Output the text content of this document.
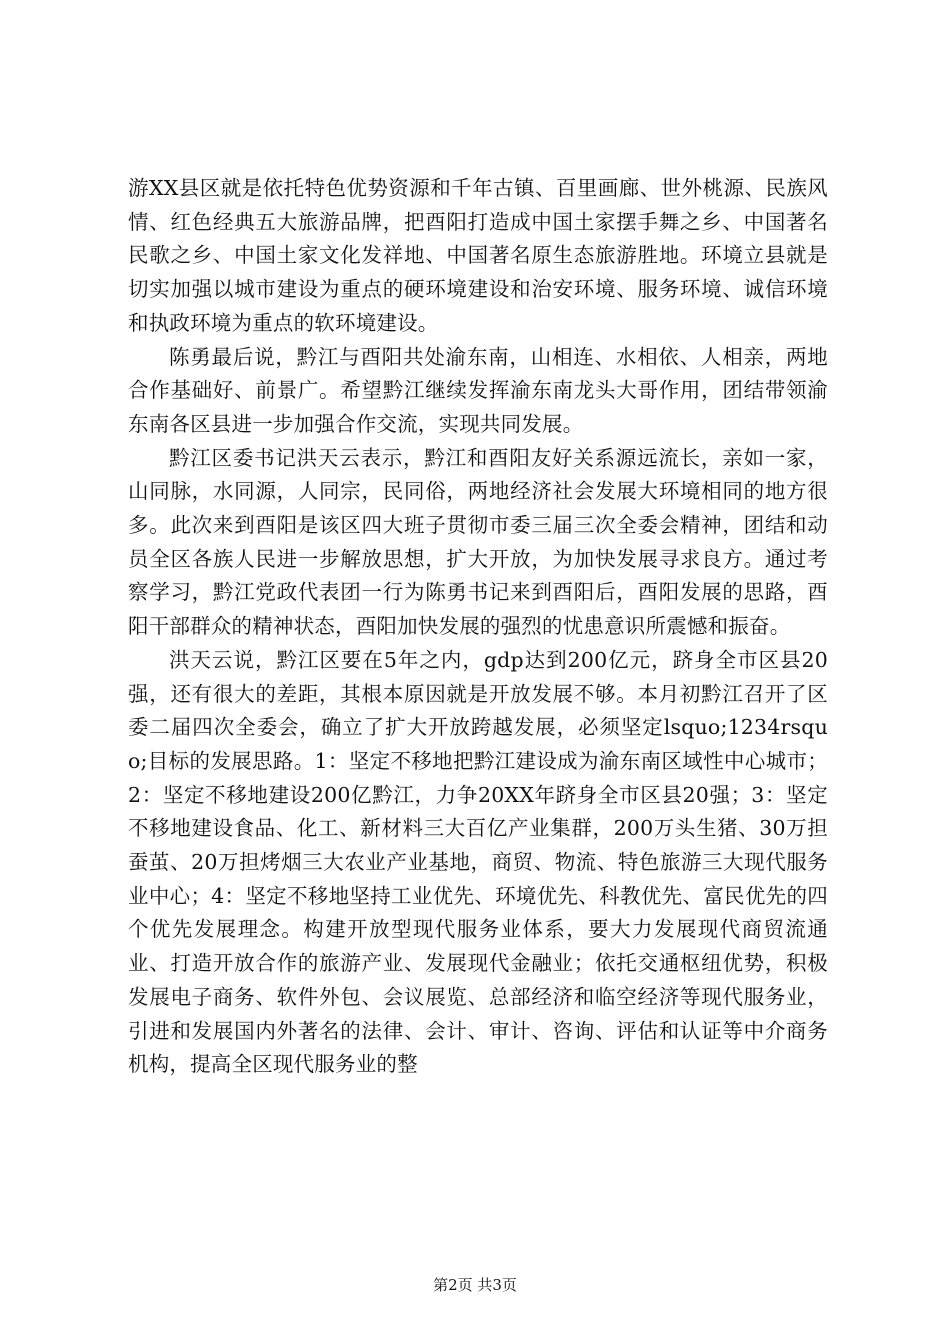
游XX县区就是依托特色优势资源和千年古镇、百里画廊、世外桃源、民族风情、红色经典五大旅游品牌，把酉阳打造成中国土家摆手舞之乡、中国著名民歌之乡、中国土家文化发祥地、中国著名原生态旅游胜地。环境立县就是切实加强以城市建设为重点的硬环境建设和治安环境、服务环境、诚信环境和执政环境为重点的软环境建设。

陈勇最后说，黔江与酉阳共处渝东南，山相连、水相依、人相亲，两地合作基础好、前景广。希望黔江继续发挥渝东南龙头大哥作用，团结带领渝东南各区县进一步加强合作交流，实现共同发展。

黔江区委书记洪天云表示，黔江和酉阳友好关系源远流长，亲如一家，山同脉，水同源，人同宗，民同俗，两地经济社会发展大环境相同的地方很多。此次来到酉阳是该区四大班子贯彻市委三届三次全委会精神，团结和动员全区各族人民进一步解放思想，扩大开放，为加快发展寻求良方。通过考察学习，黔江党政代表团一行为陈勇书记来到酉阳后，酉阳发展的思路，酉阳干部群众的精神状态，酉阳加快发展的强烈的忧患意识所震憾和振奋。

洪天云说，黔江区要在5年之内，gdp达到200亿元，跻身全市区县20强，还有很大的差距，其根本原因就是开放发展不够。本月初黔江召开了区委二届四次全委会，确立了扩大开放跨越发展，必须坚定lsquo;1234rsquo;目标的发展思路。1：坚定不移地把黔江建设成为渝东南区域性中心城市；2：坚定不移地建设200亿黔江，力争20XX年跻身全市区县20强；3：坚定不移地建设食品、化工、新材料三大百亿产业集群，200万头生猪、30万担蚕茧、20万担烤烟三大农业产业基地，商贸、物流、特色旅游三大现代服务业中心；4：坚定不移地坚持工业优先、环境优先、科教优先、富民优先的四个优先发展理念。构建开放型现代服务业体系，要大力发展现代商贸流通业、打造开放合作的旅游产业、发展现代金融业；依托交通枢纽优势，积极发展电子商务、软件外包、会议展览、总部经济和临空经济等现代服务业，引进和发展国内外著名的法律、会计、审计、咨询、评估和认证等中介商务机构，提高全区现代服务业的整

第2页 共3页
